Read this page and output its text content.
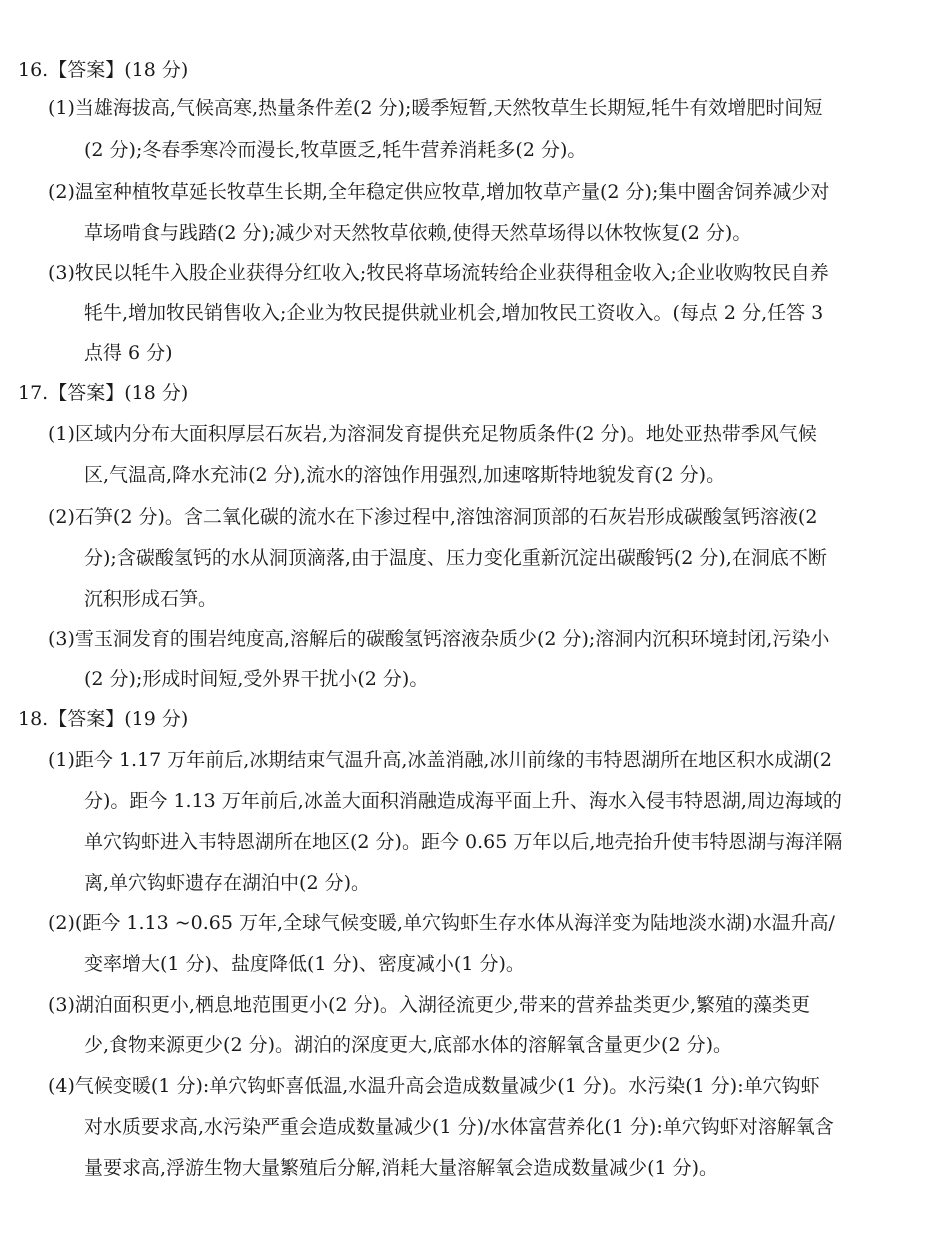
16.【答案】(18 分)
(1)当雄海拔高,气候高寒,热量条件差(2 分);暖季短暂,天然牧草生长期短,牦牛有效增肥时间短
(2 分);冬春季寒冷而漫长,牧草匮乏,牦牛营养消耗多(2 分)。
(2)温室种植牧草延长牧草生长期,全年稳定供应牧草,增加牧草产量(2 分);集中圈舍饲养减少对
草场啃食与践踏(2 分);减少对天然牧草依赖,使得天然草场得以休牧恢复(2 分)。
(3)牧民以牦牛入股企业获得分红收入;牧民将草场流转给企业获得租金收入;企业收购牧民自养
牦牛,增加牧民销售收入;企业为牧民提供就业机会,增加牧民工资收入。(每点 2 分,任答 3
点得 6 分)
17.【答案】(18 分)
(1)区域内分布大面积厚层石灰岩,为溶洞发育提供充足物质条件(2 分)。地处亚热带季风气候
区,气温高,降水充沛(2 分),流水的溶蚀作用强烈,加速喀斯特地貌发育(2 分)。
(2)石笋(2 分)。含二氧化碳的流水在下渗过程中,溶蚀溶洞顶部的石灰岩形成碳酸氢钙溶液(2
分);含碳酸氢钙的水从洞顶滴落,由于温度、压力变化重新沉淀出碳酸钙(2 分),在洞底不断
沉积形成石笋。
(3)雪玉洞发育的围岩纯度高,溶解后的碳酸氢钙溶液杂质少(2 分);溶洞内沉积环境封闭,污染小
(2 分);形成时间短,受外界干扰小(2 分)。
18.【答案】(19 分)
(1)距今 1.17 万年前后,冰期结束气温升高,冰盖消融,冰川前缘的韦特恩湖所在地区积水成湖(2
分)。距今 1.13 万年前后,冰盖大面积消融造成海平面上升、海水入侵韦特恩湖,周边海域的
单穴钩虾进入韦特恩湖所在地区(2 分)。距今 0.65 万年以后,地壳抬升使韦特恩湖与海洋隔
离,单穴钩虾遗存在湖泊中(2 分)。
(2)(距今 1.13 ~0.65 万年,全球气候变暖,单穴钩虾生存水体从海洋变为陆地淡水湖)水温升高/
变率增大(1 分)、盐度降低(1 分)、密度减小(1 分)。
(3)湖泊面积更小,栖息地范围更小(2 分)。入湖径流更少,带来的营养盐类更少,繁殖的藻类更
少,食物来源更少(2 分)。湖泊的深度更大,底部水体的溶解氧含量更少(2 分)。
(4)气候变暖(1 分):单穴钩虾喜低温,水温升高会造成数量减少(1 分)。水污染(1 分):单穴钩虾
对水质要求高,水污染严重会造成数量减少(1 分)/水体富营养化(1 分):单穴钩虾对溶解氧含
量要求高,浮游生物大量繁殖后分解,消耗大量溶解氧会造成数量减少(1 分)。
